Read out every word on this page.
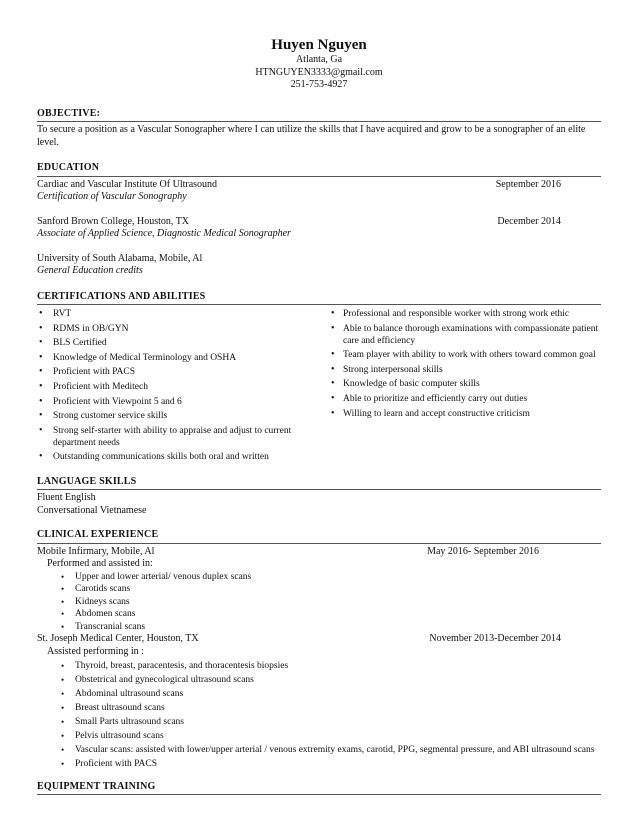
Huyen Nguyen
Atlanta, Ga
HTNGUYEN3333@gmail.com
251-753-4927
OBJECTIVE:
To secure a position as a Vascular Sonographer where I can utilize the skills that I have acquired and grow to be a sonographer of an elite level.
EDUCATION
Cardiac and Vascular Institute Of Ultrasound	September 2016
Certification of Vascular Sonography
Sanford Brown College, Houston, TX	December 2014
Associate of Applied Science, Diagnostic Medical Sonographer
University of South Alabama, Mobile, Al
General Education credits
CERTIFICATIONS AND ABILITIES
• RVT
• RDMS in OB/GYN
• BLS Certified
• Knowledge of Medical Terminology and OSHA
• Proficient with PACS
• Proficient with Meditech
• Proficient with Viewpoint 5 and 6
• Strong customer service skills
• Strong self-starter with ability to appraise and adjust to current department needs
• Outstanding communications skills both oral and written
• Professional and responsible worker with strong work ethic
• Able to balance thorough examinations with compassionate patient care and efficiency
• Team player with ability to work with others toward common goal
• Strong interpersonal skills
• Knowledge of basic computer skills
• Able to prioritize and efficiently carry out duties
• Willing to learn and accept constructive criticism
LANGUAGE SKILLS
Fluent English
Conversational Vietnamese
CLINICAL EXPERIENCE
Mobile Infirmary, Mobile, Al	May 2016- September 2016
Performed and assisted in:
• Upper and lower arterial/ venous duplex scans
• Carotids scans
• Kidneys scans
• Abdomen scans
• Transcranial scans
St. Joseph Medical Center, Houston, TX	November 2013-December 2014
Assisted performing in :
• Thyroid, breast, paracentesis, and thoracentesis biopsies
• Obstetrical and gynecological ultrasound scans
• Abdominal ultrasound scans
• Breast ultrasound scans
• Small Parts ultrasound scans
• Pelvis ultrasound scans
• Vascular scans: assisted with lower/upper arterial / venous extremity exams, carotid, PPG, segmental pressure, and ABI ultrasound scans
• Proficient with PACS
EQUIPMENT TRAINING
